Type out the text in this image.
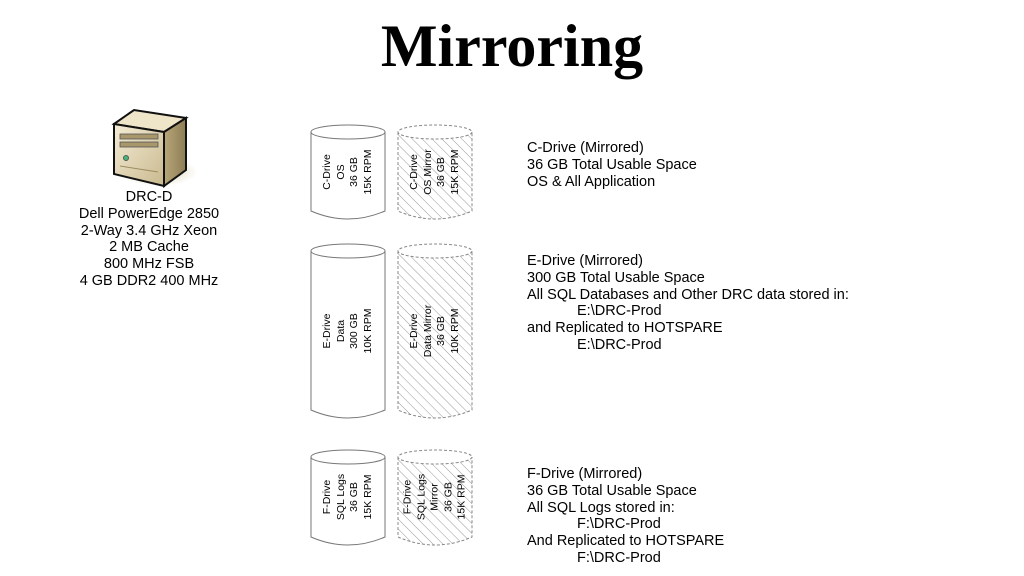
Mirroring
DRC-D
Dell PowerEdge 2850
2-Way 3.4 GHz Xeon
2 MB Cache
800 MHz FSB
4 GB DDR2 400 MHz
C-Drive OS 36 GB 15K RPM	C-Drive OS Mirror 36 GB 15K RPM
E-Drive Data 300 GB 10K RPM	E-Drive Data Mirror 36 GB 10K RPM
F-Drive SQL Logs 36 GB 15K RPM	F-Drive SQL Logs Mirror 36 GB 15K RPM
C-Drive (Mirrored)
36 GB Total Usable Space
OS & All Application
E-Drive (Mirrored)
300 GB Total Usable Space
All SQL Databases and Other DRC data stored in:
E:\DRC-Prod
and Replicated to HOTSPARE
E:\DRC-Prod
F-Drive (Mirrored)
36 GB Total Usable Space
All SQL Logs stored in:
F:\DRC-Prod
And Replicated to HOTSPARE
F:\DRC-Prod
